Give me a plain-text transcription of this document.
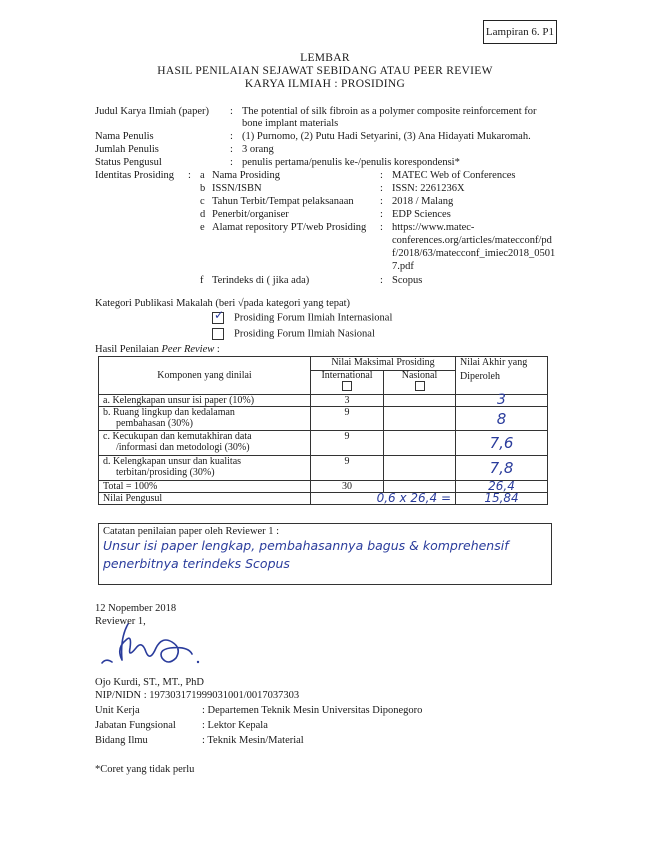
Lampiran 6. P1
LEMBAR
HASIL PENILAIAN SEJAWAT SEBIDANG ATAU PEER REVIEW
KARYA ILMIAH : PROSIDING
Judul Karya Ilmiah (paper) : The potential of silk fibroin as a polymer composite reinforcement for
bone implant materials
Nama Penulis	: (1) Purnomo, (2) Putu Hadi Setyarini, (3) Ana Hidayati Mukaromah.
Jumlah Penulis	: 3 orang
Status Pengusul	: penulis pertama/penulis ke-/penulis korespondensi*
Identitas Prosiding : a Nama Prosiding	: MATEC Web of Conferences
b ISSN/ISBN	: ISSN: 2261236X
c Tahun Terbit/Tempat pelaksanaan	: 2018 / Malang
d Penerbit/organiser	: EDP Sciences
e Alamat repository PT/web Prosiding : https://www.matec-
conferences.org/articles/matecconf/pd
f/2018/63/matecconf_imiec2018_0501
7.pdf
f Terindeks di ( jika ada)	: Scopus
Kategori Publikasi Makalah (beri √pada kategori yang tepat)
✓ Prosiding Forum Ilmiah Internasional
Prosiding Forum Ilmiah Nasional
Hasil Penilaian Peer Review :
Komponen yang dinilai	Nilai Maksimal Prosiding		Nilai Akhir yang
	International	Nasional	Diperoleh
a. Kelengkapan unsur isi paper (10%)	3		3
b. Ruang lingkup dan kedalaman
pembahasan (30%)	9		8
c. Kecukupan dan kemutakhiran data
/informasi dan metodologi (30%)	9		7,6
d. Kelengkapan unsur dan kualitas
terbitan/prosiding (30%)	9		7,8
Total = 100%	30		26,4
Nilai Pengusul	0,6 x 26,4 =		15,84
Catatan penilaian paper oleh Reviewer 1 :
Unsur isi paper lengkap, pembahasannya bagus & komprehensif
penerbitnya terindeks Scopus
12 Nopember 2018
Reviewer 1,
Ojo Kurdi, ST., MT., PhD
NIP/NIDN : 197303171999031001/0017037303
Unit Kerja	: Departemen Teknik Mesin Universitas Diponegoro
Jabatan Fungsional : Lektor Kepala
Bidang Ilmu	: Teknik Mesin/Material
*Coret yang tidak perlu
